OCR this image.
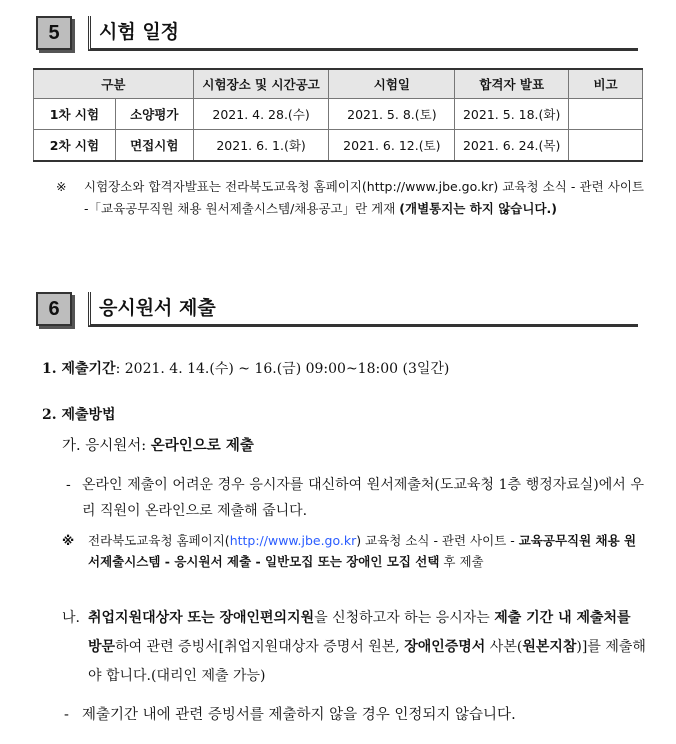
5	시험 일정
구분		시험장소 및 시간공고	시험일	합격자 발표	비고
1차 시험	소양평가	2021. 4. 28.(수)	2021. 5. 8.(토)	2021. 5. 18.(화)	
2차 시험	면접시험	2021. 6. 1.(화)	2021. 6. 12.(토)	2021. 6. 24.(목)	
※ 시험장소와 합격자발표는 전라북도교육청 홈페이지(http://www.jbe.go.kr) 교육청 소식 - 관련 사이트 -「교육공무직원 채용 원서제출시스템/채용공고」란 게재 (개별통지는 하지 않습니다.)
6	응시원서 제출
1. 제출기간: 2021. 4. 14.(수) ~ 16.(금) 09:00~18:00 (3일간)
2. 제출방법
가. 응시원서: 온라인으로 제출
- 온라인 제출이 어려운 경우 응시자를 대신하여 원서제출처(도교육청 1층 행정자료실)에서 우리 직원이 온라인으로 제출해 줍니다.
※ 전라북도교육청 홈페이지(http://www.jbe.go.kr) 교육청 소식 - 관련 사이트 - 교육공무직원 채용 원서제출시스템 - 응시원서 제출 - 일반모집 또는 장애인 모집 선택 후 제출
나. 취업지원대상자 또는 장애인편의지원을 신청하고자 하는 응시자는 제출 기간 내 제출처를 방문하여 관련 증빙서[취업지원대상자 증명서 원본, 장애인증명서 사본(원본지참)]를 제출해야 합니다.(대리인 제출 가능)
- 제출기간 내에 관련 증빙서를 제출하지 않을 경우 인정되지 않습니다.
